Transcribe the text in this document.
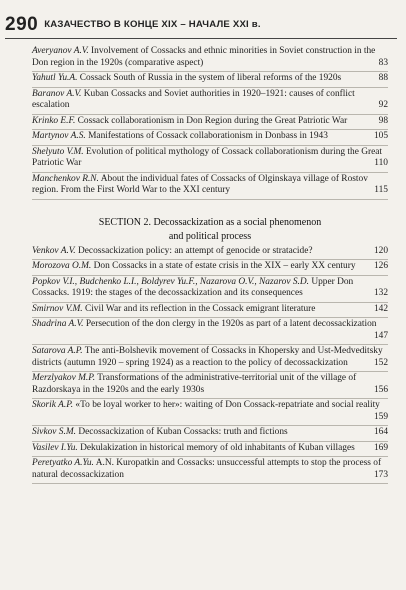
290 КАЗАЧЕСТВО В КОНЦЕ XIX – НАЧАЛЕ XXI в.
Averyanov A.V. Involvement of Cossacks and ethnic minorities in Soviet construction in the Don region in the 1920s (comparative aspect)	83
Yahutl Yu.A. Cossack South of Russia in the system of liberal reforms of the 1920s	88
Baranov A.V. Kuban Cossacks and Soviet authorities in 1920–1921: causes of conflict escalation	92
Krinko E.F. Cossack collaborationism in Don Region during the Great Patriotic War	98
Martynov A.S. Manifestations of Cossack collaborationism in Donbass in 1943	105
Shelyuto V.M. Evolution of political mythology of Cossack collaborationism during the Great Patriotic War	110
Manchenkov R.N. About the individual fates of Cossacks of Olginskaya village of Rostov region. From the First World War to the XXI century	115
SECTION 2. Decossackization as a social phenomenon
and political process
Venkov A.V. Decossackization policy: an attempt of genocide or stratacide?	120
Morozova O.M. Don Cossacks in a state of estate crisis in the XIX – early XX century 126
Popkov V.I., Budchenko L.I., Boldyrev Yu.F., Nazarova O.V., Nazarov S.D. Upper Don Cossacks. 1919: the stages of the decossackization and its consequences	132
Smirnov V.M. Civil War and its reflection in the Cossack emigrant literature	142
Shadrina A.V. Persecution of the don clergy in the 1920s as part of a latent decossackization
147
Satarova A.P. The anti-Bolshevik movement of Cossacks in Khopersky and Ust-Medveditsky districts (autumn 1920 – spring 1924) as a reaction to the policy of decossackization	152
Merzlyakov M.P. Transformations of the administrative-territorial unit of the village of Razdorskaya in the 1920s and the early 1930s	156
Skorik A.P. «To be loyal worker to her»: waiting of Don Cossack-repatriate and social reality
159
Sivkov S.M. Decossackization of Kuban Cossacks: truth and fictions	164
Vasilev I.Yu. Dekulakization in historical memory of old inhabitants of Kuban villages 169
Peretyatko A.Yu. A.N. Kuropatkin and Cossacks: unsuccessful attempts to stop the process of natural decossackization	173
